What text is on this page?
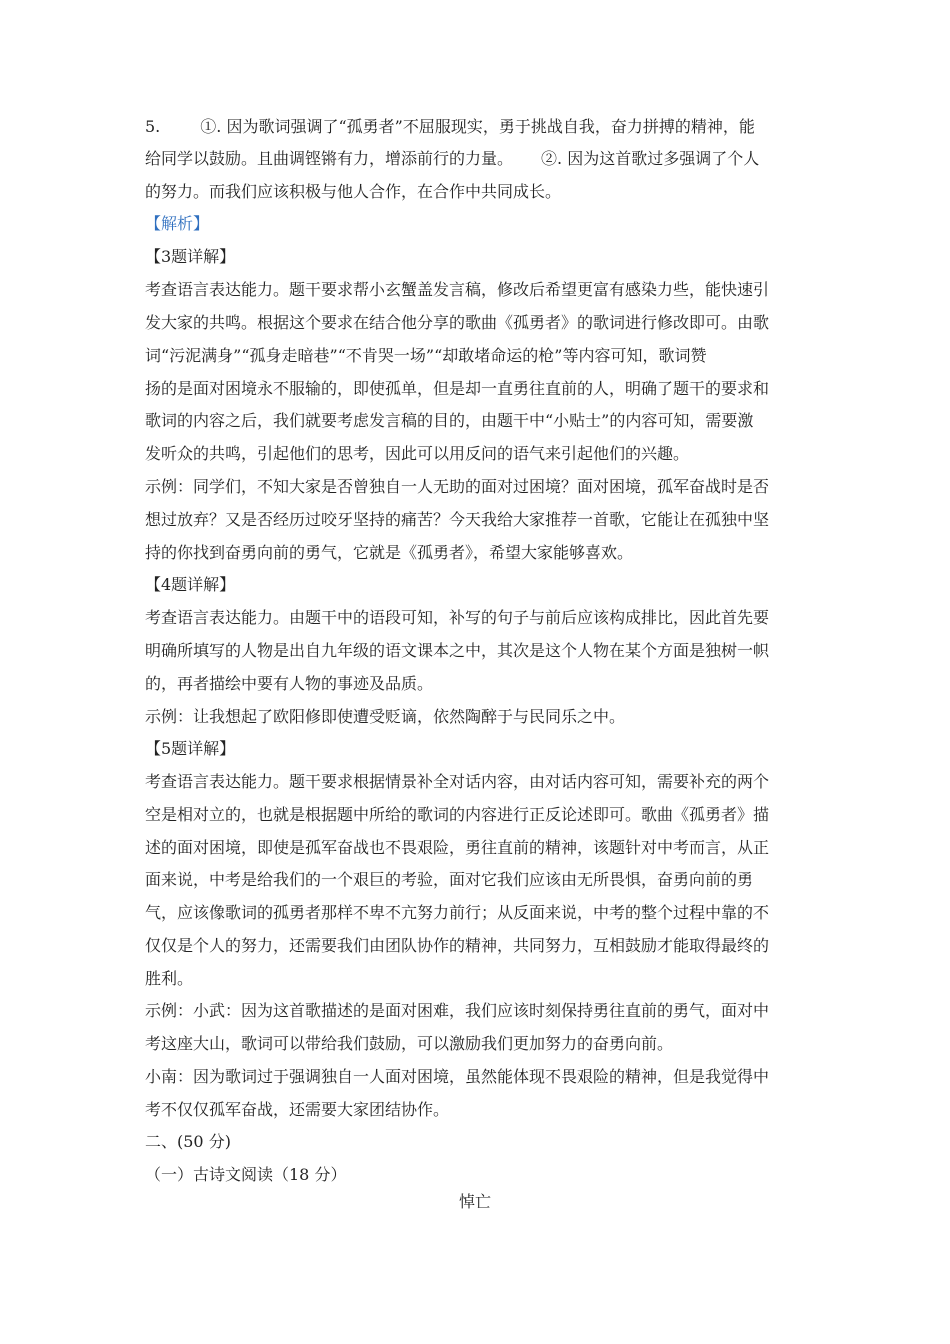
5.	①. 因为歌词强调了“孤勇者”不屈服现实，勇于挑战自我，奋力拼搏的精神，能
给同学以鼓励。且曲调铿锵有力，增添前行的力量。 ②. 因为这首歌过多强调了个人
的努力。而我们应该积极与他人合作，在合作中共同成长。
【解析】
【3题详解】
考查语言表达能力。题干要求帮小玄蟹盖发言稿，修改后希望更富有感染力些，能快速引
发大家的共鸣。根据这个要求在结合他分享的歌曲《孤勇者》的歌词进行修改即可。由歌
词“污泥满身”“孤身走暗巷”“不肯哭一场”“却敢堵命运的枪”等内容可知，歌词赞
扬的是面对困境永不服输的，即使孤单，但是却一直勇往直前的人，明确了题干的要求和
歌词的内容之后，我们就要考虑发言稿的目的，由题干中“小贴士”的内容可知，需要激
发听众的共鸣，引起他们的思考，因此可以用反问的语气来引起他们的兴趣。
示例：同学们，不知大家是否曾独自一人无助的面对过困境？面对困境，孤军奋战时是否
想过放弃？又是否经历过咬牙坚持的痛苦？今天我给大家推荐一首歌，它能让在孤独中坚
持的你找到奋勇向前的勇气，它就是《孤勇者》，希望大家能够喜欢。
【4题详解】
考查语言表达能力。由题干中的语段可知，补写的句子与前后应该构成排比，因此首先要
明确所填写的人物是出自九年级的语文课本之中，其次是这个人物在某个方面是独树一帜
的，再者描绘中要有人物的事迹及品质。
示例：让我想起了欧阳修即使遭受贬谪，依然陶醉于与民同乐之中。
【5题详解】
考查语言表达能力。题干要求根据情景补全对话内容，由对话内容可知，需要补充的两个
空是相对立的，也就是根据题中所给的歌词的内容进行正反论述即可。歌曲《孤勇者》描
述的面对困境，即使是孤军奋战也不畏艰险，勇往直前的精神，该题针对中考而言，从正
面来说，中考是给我们的一个艰巨的考验，面对它我们应该由无所畏惧，奋勇向前的勇
气，应该像歌词的孤勇者那样不卑不亢努力前行；从反面来说，中考的整个过程中靠的不
仅仅是个人的努力，还需要我们由团队协作的精神，共同努力，互相鼓励才能取得最终的
胜利。
示例：小武：因为这首歌描述的是面对困难，我们应该时刻保持勇往直前的勇气，面对中
考这座大山，歌词可以带给我们鼓励，可以激励我们更加努力的奋勇向前。
小南：因为歌词过于强调独自一人面对困境，虽然能体现不畏艰险的精神，但是我觉得中
考不仅仅孤军奋战，还需要大家团结协作。
二、(50 分)
（一）古诗文阅读（18 分）
悼亡
